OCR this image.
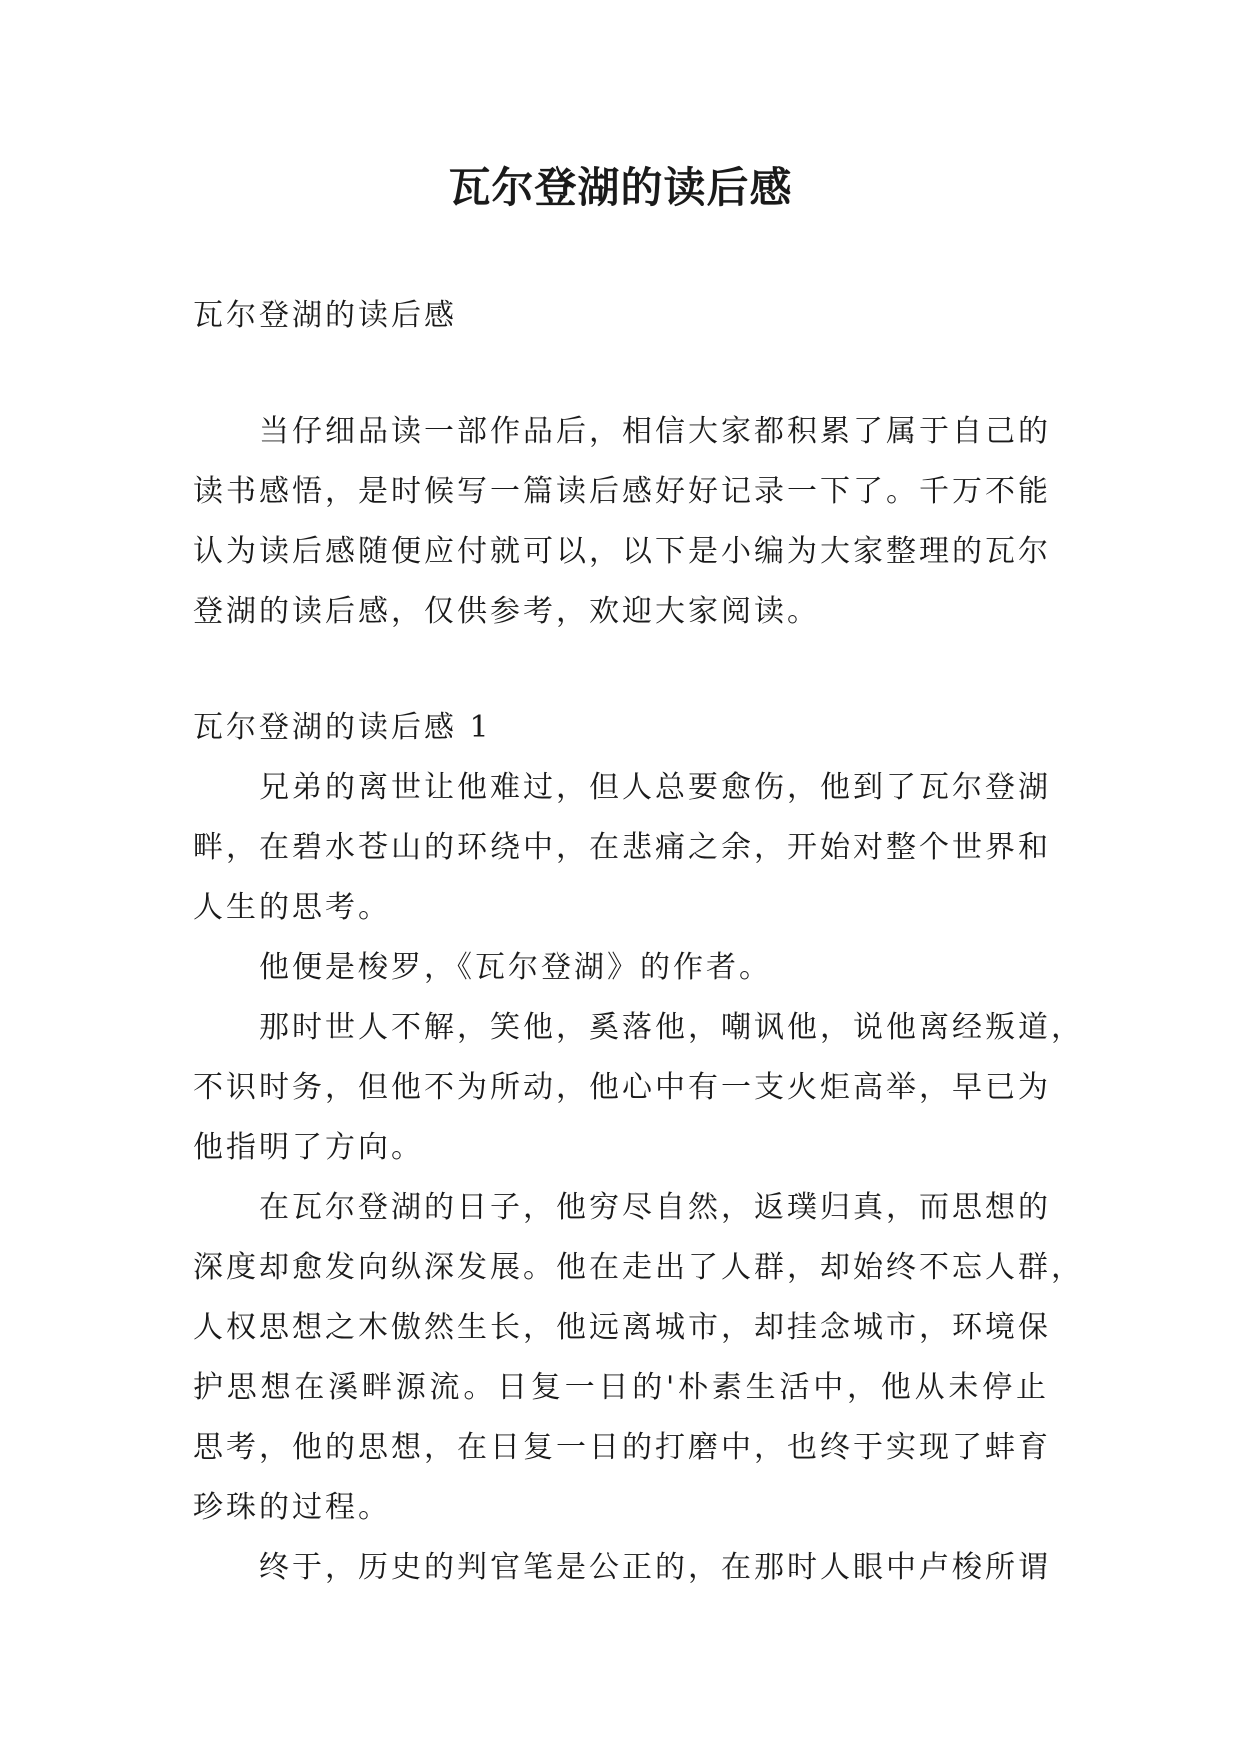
瓦尔登湖的读后感
瓦尔登湖的读后感
当仔细品读一部作品后，相信大家都积累了属于自己的
读书感悟，是时候写一篇读后感好好记录一下了。千万不能
认为读后感随便应付就可以，以下是小编为大家整理的瓦尔
登湖的读后感，仅供参考，欢迎大家阅读。
瓦尔登湖的读后感 1
兄弟的离世让他难过，但人总要愈伤，他到了瓦尔登湖
畔，在碧水苍山的环绕中，在悲痛之余，开始对整个世界和
人生的思考。
他便是梭罗，《瓦尔登湖》的作者。
那时世人不解，笑他，奚落他，嘲讽他，说他离经叛道，
不识时务，但他不为所动，他心中有一支火炬高举，早已为
他指明了方向。
在瓦尔登湖的日子，他穷尽自然，返璞归真，而思想的
深度却愈发向纵深发展。他在走出了人群，却始终不忘人群，
人权思想之木傲然生长，他远离城市，却挂念城市，环境保
护思想在溪畔源流。日复一日的'朴素生活中，他从未停止
思考，他的思想，在日复一日的打磨中，也终于实现了蚌育
珍珠的过程。
终于，历史的判官笔是公正的，在那时人眼中卢梭所谓
